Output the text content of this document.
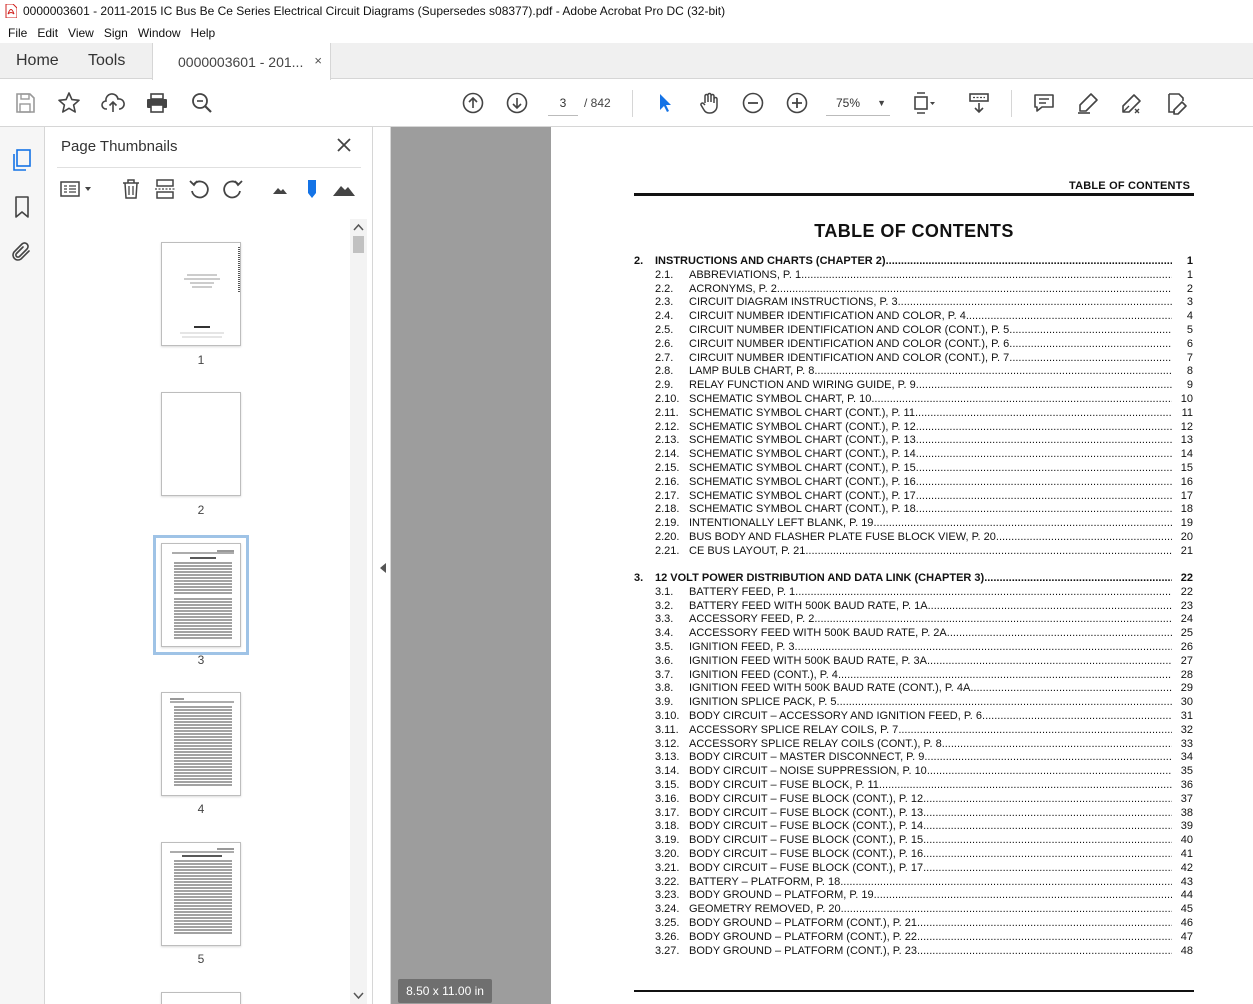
0000003601 - 2011-2015 IC Bus Be Ce Series Electrical Circuit Diagrams (Supersedes s08377).pdf - Adobe Acrobat Pro DC (32-bit)
File Edit View Sign Window Help
Home Tools	0000003601 - 201... ×
3	/ 842	75% ▼
Page Thumbnails
1
2
3
4
5
8.50 x 11.00 in
TABLE OF CONTENTS
TABLE OF CONTENTS
2. INSTRUCTIONS AND CHARTS (CHAPTER 2) .....	1
2.1. ABBREVIATIONS, P. 1 .....	1
2.2. ACRONYMS, P. 2 .....	2
2.3. CIRCUIT DIAGRAM INSTRUCTIONS, P. 3 .....	3
2.4. CIRCUIT NUMBER IDENTIFICATION AND COLOR, P. 4 .....	4
2.5. CIRCUIT NUMBER IDENTIFICATION AND COLOR (CONT.), P. 5 .....	5
2.6. CIRCUIT NUMBER IDENTIFICATION AND COLOR (CONT.), P. 6 .....	6
2.7. CIRCUIT NUMBER IDENTIFICATION AND COLOR (CONT.), P. 7 .....	7
2.8. LAMP BULB CHART, P. 8 .....	8
2.9. RELAY FUNCTION AND WIRING GUIDE, P. 9 .....	9
2.10. SCHEMATIC SYMBOL CHART, P. 10 .....	10
2.11. SCHEMATIC SYMBOL CHART (CONT.), P. 11 .....	11
2.12. SCHEMATIC SYMBOL CHART (CONT.), P. 12 .....	12
2.13. SCHEMATIC SYMBOL CHART (CONT.), P. 13 .....	13
2.14. SCHEMATIC SYMBOL CHART (CONT.), P. 14 .....	14
2.15. SCHEMATIC SYMBOL CHART (CONT.), P. 15 .....	15
2.16. SCHEMATIC SYMBOL CHART (CONT.), P. 16 .....	16
2.17. SCHEMATIC SYMBOL CHART (CONT.), P. 17 .....	17
2.18. SCHEMATIC SYMBOL CHART (CONT.), P. 18 .....	18
2.19. INTENTIONALLY LEFT BLANK, P. 19 .....	19
2.20. BUS BODY AND FLASHER PLATE FUSE BLOCK VIEW, P. 20 .....	20
2.21. CE BUS LAYOUT, P. 21 .....	21
3. 12 VOLT POWER DISTRIBUTION AND DATA LINK (CHAPTER 3) .....	22
3.1. BATTERY FEED, P. 1 .....	22
3.2. BATTERY FEED WITH 500K BAUD RATE, P. 1A .....	23
3.3. ACCESSORY FEED, P. 2 .....	24
3.4. ACCESSORY FEED WITH 500K BAUD RATE, P. 2A .....	25
3.5. IGNITION FEED, P. 3 .....	26
3.6. IGNITION FEED WITH 500K BAUD RATE, P. 3A .....	27
3.7. IGNITION FEED (CONT.), P. 4 .....	28
3.8. IGNITION FEED WITH 500K BAUD RATE (CONT.), P. 4A .....	29
3.9. IGNITION SPLICE PACK, P. 5 .....	30
3.10. BODY CIRCUIT – ACCESSORY AND IGNITION FEED, P. 6 .....	31
3.11. ACCESSORY SPLICE RELAY COILS, P. 7 .....	32
3.12. ACCESSORY SPLICE RELAY COILS (CONT.), P. 8 .....	33
3.13. BODY CIRCUIT – MASTER DISCONNECT, P. 9 .....	34
3.14. BODY CIRCUIT – NOISE SUPPRESSION, P. 10 .....	35
3.15. BODY CIRCUIT – FUSE BLOCK, P. 11 .....	36
3.16. BODY CIRCUIT – FUSE BLOCK (CONT.), P. 12 .....	37
3.17. BODY CIRCUIT – FUSE BLOCK (CONT.), P. 13 .....	38
3.18. BODY CIRCUIT – FUSE BLOCK (CONT.), P. 14 .....	39
3.19. BODY CIRCUIT – FUSE BLOCK (CONT.), P. 15 .....	40
3.20. BODY CIRCUIT – FUSE BLOCK (CONT.), P. 16 .....	41
3.21. BODY CIRCUIT – FUSE BLOCK (CONT.), P. 17 .....	42
3.22. BATTERY – PLATFORM, P. 18 .....	43
3.23. BODY GROUND – PLATFORM, P. 19 .....	44
3.24. GEOMETRY REMOVED, P. 20 .....	45
3.25. BODY GROUND – PLATFORM (CONT.), P. 21 .....	46
3.26. BODY GROUND – PLATFORM (CONT.), P. 22 .....	47
3.27. BODY GROUND – PLATFORM (CONT.), P. 23 .....	48
